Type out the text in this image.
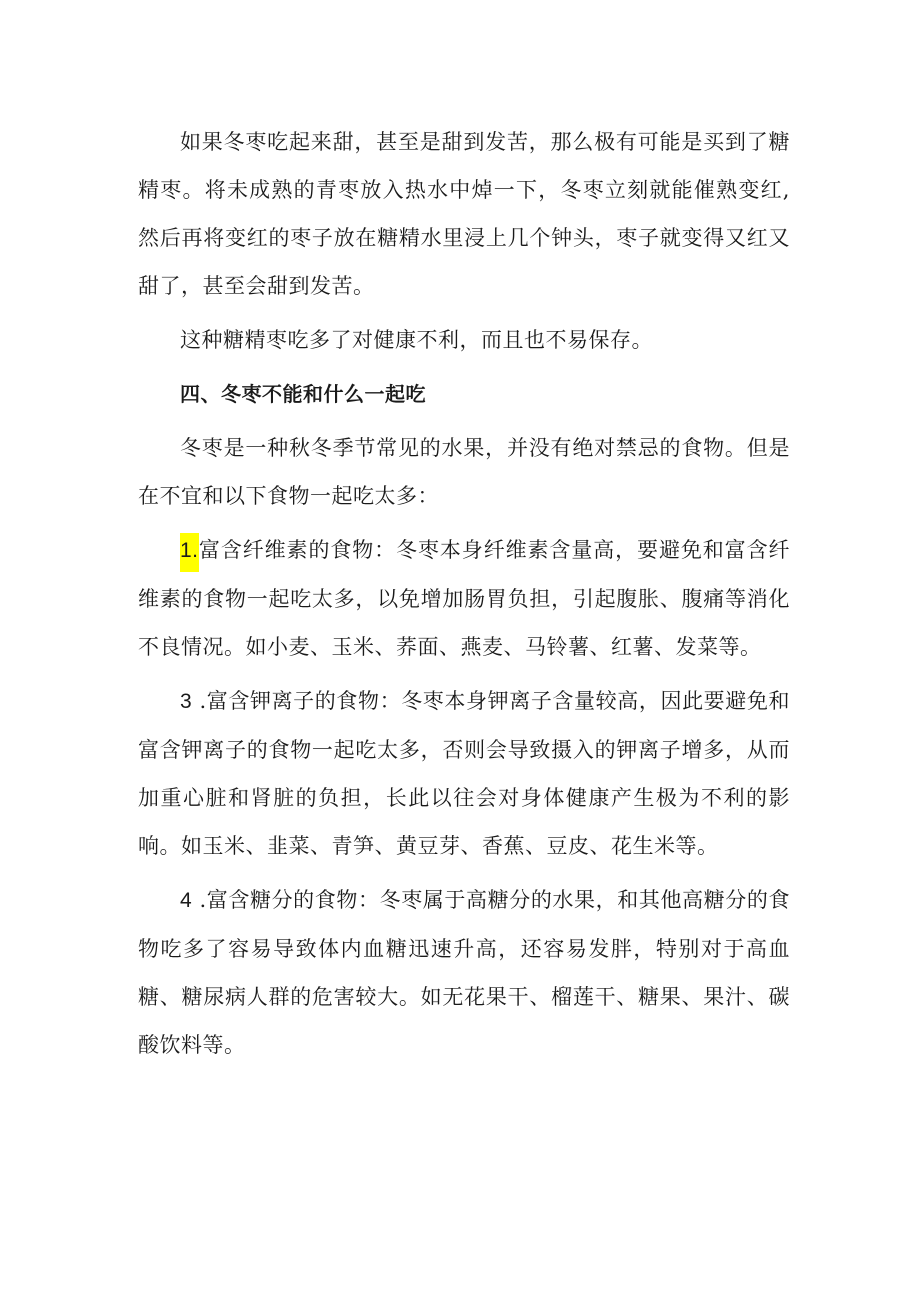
如果冬枣吃起来甜，甚至是甜到发苦，那么极有可能是买到了糖精枣。将未成熟的青枣放入热水中焯一下，冬枣立刻就能催熟变红,然后再将变红的枣子放在糖精水里浸上几个钟头，枣子就变得又红又甜了，甚至会甜到发苦。

这种糖精枣吃多了对健康不利，而且也不易保存。

四、冬枣不能和什么一起吃

冬枣是一种秋冬季节常见的水果，并没有绝对禁忌的食物。但是在不宜和以下食物一起吃太多：

1.富含纤维素的食物：冬枣本身纤维素含量高，要避免和富含纤维素的食物一起吃太多，以免增加肠胃负担，引起腹胀、腹痛等消化不良情况。如小麦、玉米、荞面、燕麦、马铃薯、红薯、发菜等。

3 .富含钾离子的食物：冬枣本身钾离子含量较高，因此要避免和富含钾离子的食物一起吃太多，否则会导致摄入的钾离子增多，从而加重心脏和肾脏的负担，长此以往会对身体健康产生极为不利的影响。如玉米、韭菜、青笋、黄豆芽、香蕉、豆皮、花生米等。

4 .富含糖分的食物：冬枣属于高糖分的水果，和其他高糖分的食物吃多了容易导致体内血糖迅速升高，还容易发胖，特别对于高血糖、糖尿病人群的危害较大。如无花果干、榴莲干、糖果、果汁、碳酸饮料等。
